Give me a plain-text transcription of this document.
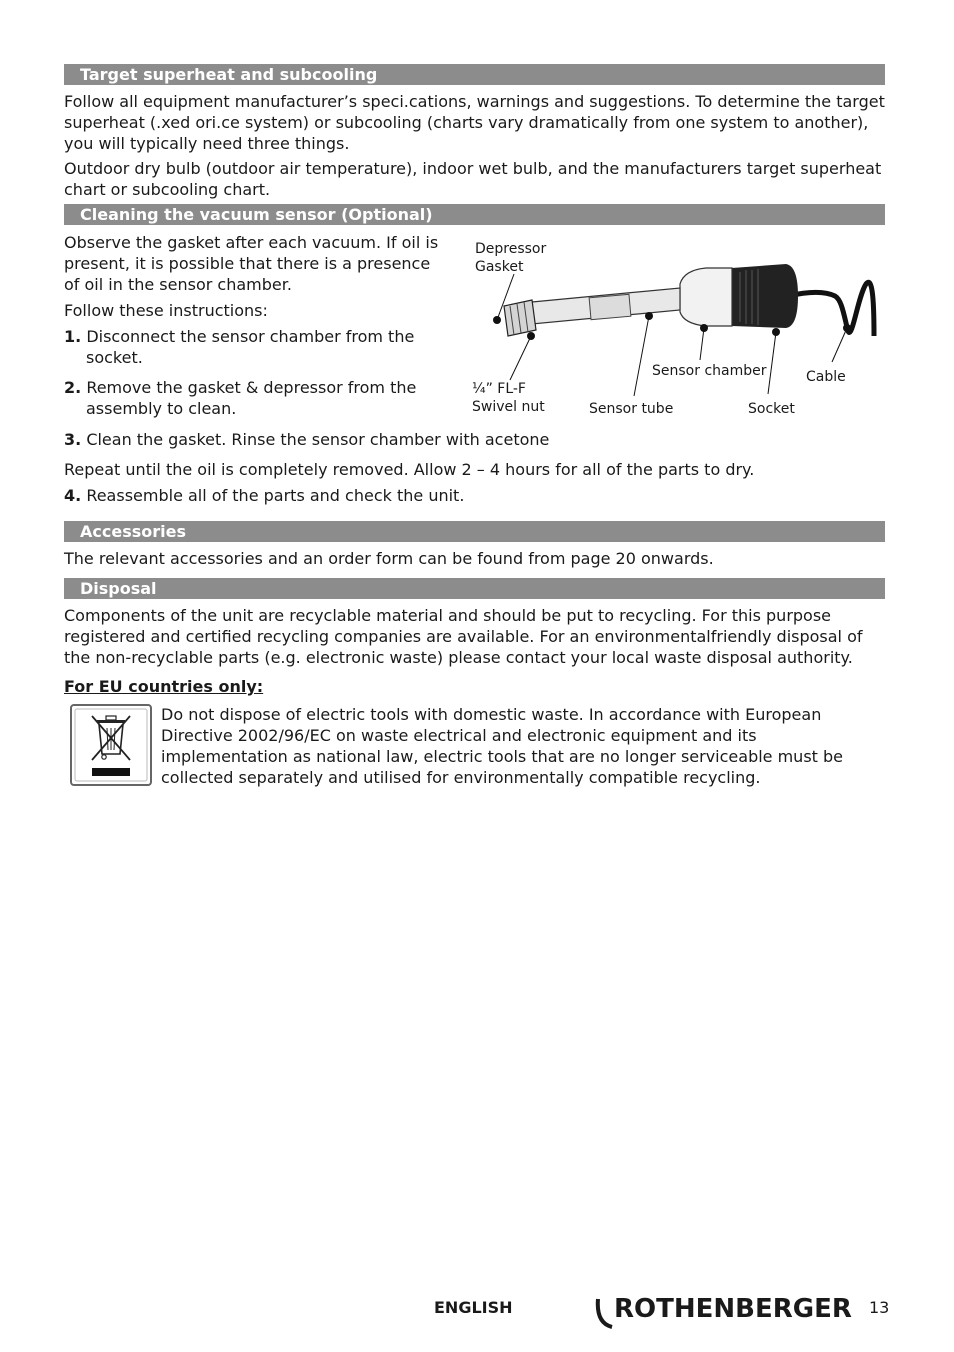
Target superheat and subcooling

Follow all equipment manufacturer’s speci.cations, warnings and suggestions. To determine the target superheat (.xed ori.ce system) or subcooling (charts vary dramatically from one system to another), you will typically need three things.

Outdoor dry bulb (outdoor air temperature), indoor wet bulb, and the manufacturers target superheat chart or subcooling chart.

Cleaning the vacuum sensor (Optional)

Observe the gasket after each vacuum. If oil is present, it is possible that there is a presence of oil in the sensor chamber.

Follow these instructions:

1. Disconnect the sensor chamber from the
socket.
2. Remove the gasket & depressor from the
assembly to clean.
3. Clean the gasket. Rinse the sensor chamber with acetone

Repeat until the oil is completely removed. Allow 2 – 4 hours for all of the parts to dry.

4. Reassemble all of the parts and check the unit.
Depressor
Gasket
¼” FL-F
Swivel nut	Sensor tube
Sensor chamber
Socket
Cable
Accessories

The relevant accessories and an order form can be found from page 20 onwards.

Disposal

Components of the unit are recyclable material and should be put to recycling. For this purpose registered and certified recycling companies are available. For an environmentalfriendly disposal of the non-recyclable parts (e.g. electronic waste) please contact your local waste disposal authority.

For EU countries only:

Do not dispose of electric tools with domestic waste. In accordance with European Directive 2002/96/EC on waste electrical and electronic equipment and its implementation as national law, electric tools that are no longer serviceable must be collected separately and utilised for environmentally compatible recycling.

ENGLISH	ROTHENBERGER 13
